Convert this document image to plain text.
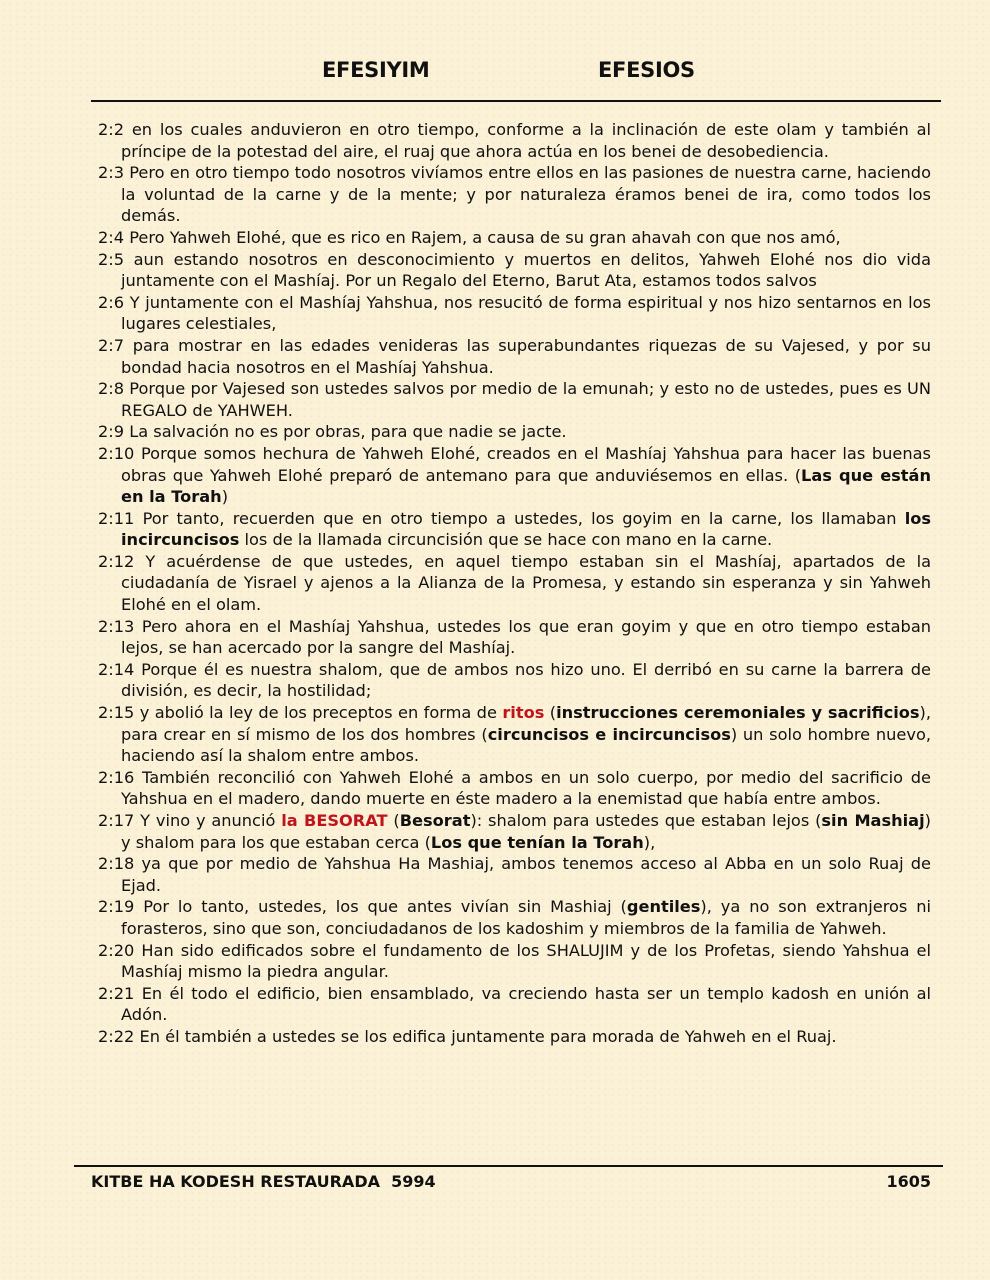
EFESIYIM	EFESIOS

2:2 en los cuales anduvieron en otro tiempo, conforme a la inclinación de este olam y también al príncipe de la potestad del aire, el ruaj que ahora actúa en los benei de desobediencia.

2:3 Pero en otro tiempo todo nosotros vivíamos entre ellos en las pasiones de nuestra carne, haciendo la voluntad de la carne y de la mente; y por naturaleza éramos benei de ira, como todos los demás.

2:4 Pero Yahweh Elohé, que es rico en Rajem, a causa de su gran ahavah con que nos amó,

2:5 aun estando nosotros en desconocimiento y muertos en delitos, Yahweh Elohé nos dio vida juntamente con el Mashíaj. Por un Regalo del Eterno, Barut Ata, estamos todos salvos

2:6 Y juntamente con el Mashíaj Yahshua, nos resucitó de forma espiritual y nos hizo sentarnos en los lugares celestiales,

2:7 para mostrar en las edades venideras las superabundantes riquezas de su Vajesed, y por su bondad hacia nosotros en el Mashíaj Yahshua.

2:8 Porque por Vajesed son ustedes salvos por medio de la emunah; y esto no de ustedes, pues es UN REGALO de YAHWEH.

2:9 La salvación no es por obras, para que nadie se jacte.

2:10 Porque somos hechura de Yahweh Elohé, creados en el Mashíaj Yahshua para hacer las buenas obras que Yahweh Elohé preparó de antemano para que anduviésemos en ellas. (Las que están en la Torah)

2:11 Por tanto, recuerden que en otro tiempo a ustedes, los goyim en la carne, los llamaban los incircuncisos los de la llamada circuncisión que se hace con mano en la carne.

2:12 Y acuérdense de que ustedes, en aquel tiempo estaban sin el Mashíaj, apartados de la ciudadanía de Yisrael y ajenos a la Alianza de la Promesa, y estando sin esperanza y sin Yahweh Elohé en el olam.

2:13 Pero ahora en el Mashíaj Yahshua, ustedes los que eran goyim y que en otro tiempo estaban lejos, se han acercado por la sangre del Mashíaj.

2:14 Porque él es nuestra shalom, que de ambos nos hizo uno. El derribó en su carne la barrera de división, es decir, la hostilidad;

2:15 y abolió la ley de los preceptos en forma de ritos (instrucciones ceremoniales y sacrificios), para crear en sí mismo de los dos hombres (circuncisos e incircuncisos) un solo hombre nuevo, haciendo así la shalom entre ambos.

2:16 También reconcilió con Yahweh Elohé a ambos en un solo cuerpo, por medio del sacrificio de Yahshua en el madero, dando muerte en éste madero a la enemistad que había entre ambos.

2:17 Y vino y anunció la BESORAT (Besorat): shalom para ustedes que estaban lejos (sin Mashiaj) y shalom para los que estaban cerca (Los que tenían la Torah),

2:18 ya que por medio de Yahshua Ha Mashiaj, ambos tenemos acceso al Abba en un solo Ruaj de Ejad.

2:19 Por lo tanto, ustedes, los que antes vivían sin Mashiaj (gentiles), ya no son extranjeros ni forasteros, sino que son, conciudadanos de los kadoshim y miembros de la familia de Yahweh.

2:20 Han sido edificados sobre el fundamento de los SHALUJIM y de los Profetas, siendo Yahshua el Mashíaj mismo la piedra angular.

2:21 En él todo el edificio, bien ensamblado, va creciendo hasta ser un templo kadosh en unión al Adón.

2:22 En él también a ustedes se los edifica juntamente para morada de Yahweh en el Ruaj.

KITBE HA KODESH RESTAURADA  5994	1605
